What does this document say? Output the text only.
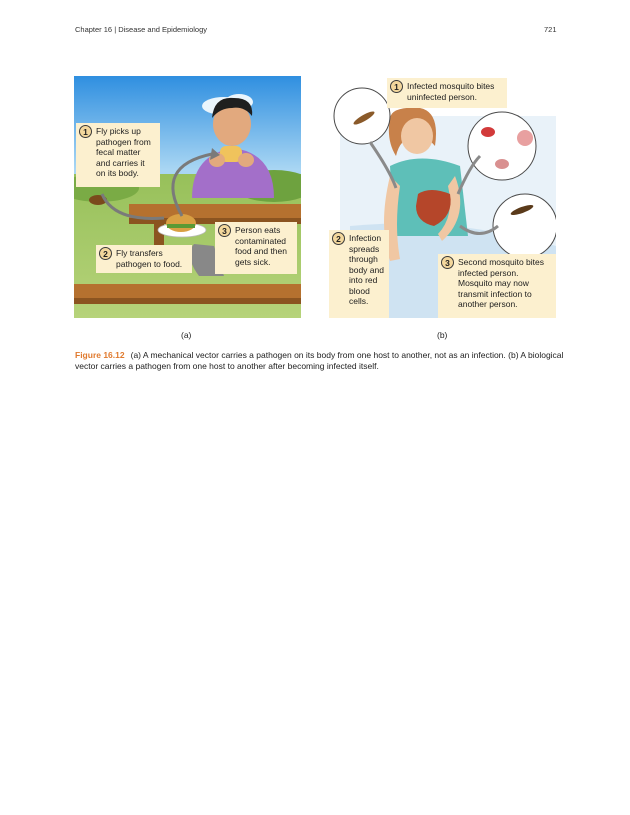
Chapter 16 | Disease and Epidemiology	721
1 Fly picks up pathogen from fecal matter and carries it on its body.
2 Fly transfers pathogen to food.
3 Person eats contaminated food and then gets sick.
1 Infected mosquito bites uninfected person.
2 Infection spreads through body and into red blood cells.
3 Second mosquito bites infected person. Mosquito may now transmit infection to another person.
(a)	(b)
Figure 16.12 (a) A mechanical vector carries a pathogen on its body from one host to another, not as an infection. (b) A biological vector carries a pathogen from one host to another after becoming infected itself.
